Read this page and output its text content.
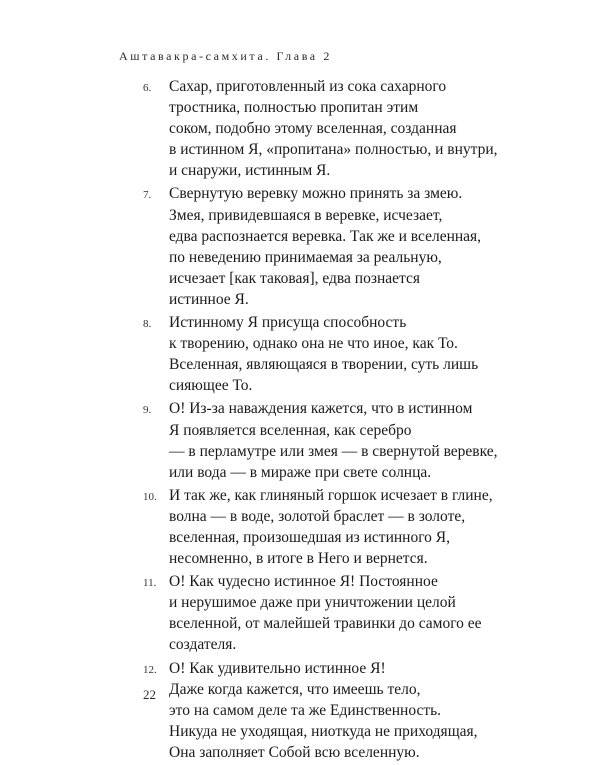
Аштавакра-самхита. Глава 2
6. Сахар, приготовленный из сока сахарного
тростника, полностью пропитан этим
соком, подобно этому вселенная, созданная
в истинном Я, «пропитана» полностью, и внутри,
и снаружи, истинным Я.
7. Свернутую веревку можно принять за змею.
Змея, привидевшаяся в веревке, исчезает,
едва распознается веревка. Так же и вселенная,
по неведению принимаемая за реальную,
исчезает [как таковая], едва познается
истинное Я.
8. Истинному Я присуща способность
к творению, однако она не что иное, как То.
Вселенная, являющаяся в творении, суть лишь
сияющее То.
9. О! Из-за наваждения кажется, что в истинном
Я появляется вселенная, как серебро
— в перламутре или змея — в свернутой веревке,
или вода — в мираже при свете солнца.
10. И так же, как глиняный горшок исчезает в глине,
волна — в воде, золотой браслет — в золоте,
вселенная, произошедшая из истинного Я,
несомненно, в итоге в Него и вернется.
11. О! Как чудесно истинное Я! Постоянное
и нерушимое даже при уничтожении целой
вселенной, от малейшей травинки до самого ее
создателя.
12. О! Как удивительно истинное Я!
Даже когда кажется, что имеешь тело,
это на самом деле та же Единственность.
Никуда не уходящая, ниоткуда не приходящая,
Она заполняет Собой всю вселенную.
22
